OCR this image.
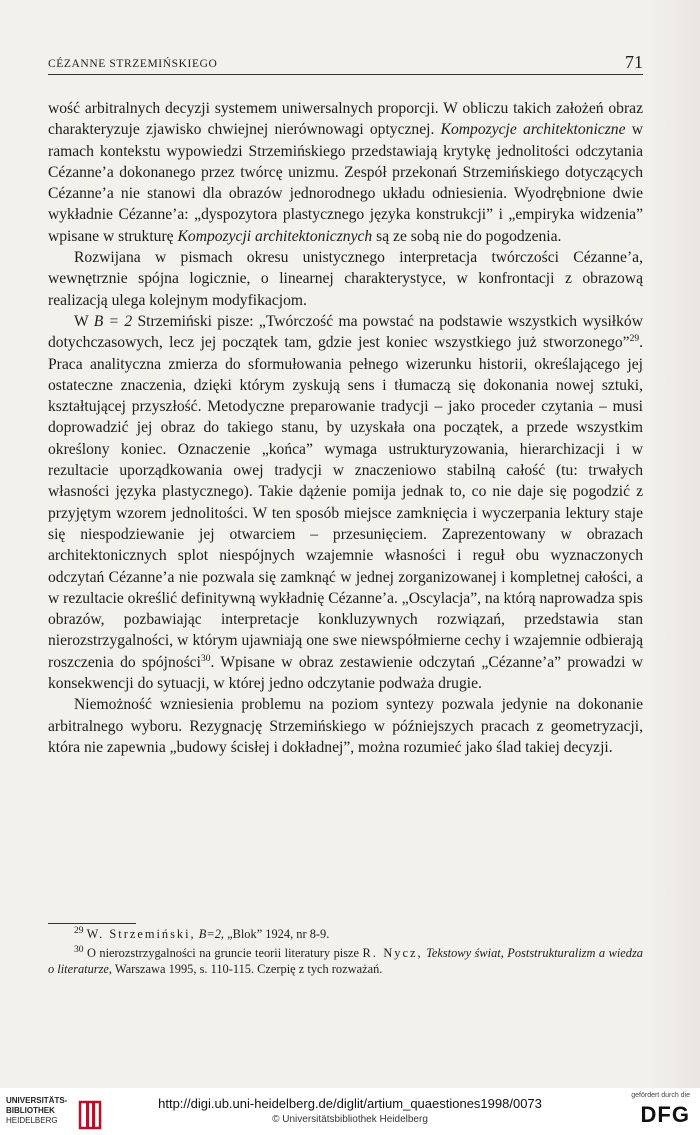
CÉZANNE STRZEMIŃSKIEGO	71

wość arbitralnych decyzji systemem uniwersalnych proporcji. W obliczu takich założeń obraz charakteryzuje zjawisko chwiejnej nierównowagi optycznej. Kompozycje architektoniczne w ramach kontekstu wypowiedzi Strzemińskiego przedstawiają krytykę jednolitości odczytania Cézanne’a dokonanego przez twórcę unizmu. Zespół przekonań Strzemińskiego dotyczących Cézanne’a nie stanowi dla obrazów jednorodnego układu odniesienia. Wyodrębnione dwie wykładnie Cézanne’a: „dyspozytora plastycznego języka konstrukcji” i „empiryka widzenia” wpisane w strukturę Kompozycji architektonicznych są ze sobą nie do pogodzenia.

Rozwijana w pismach okresu unistycznego interpretacja twórczości Cézanne’a, wewnętrznie spójna logicznie, o linearnej charakterystyce, w konfrontacji z obrazową realizacją ulega kolejnym modyfikacjom.

W B = 2 Strzemiński pisze: „Twórczość ma powstać na podstawie wszystkich wysiłków dotychczasowych, lecz jej początek tam, gdzie jest koniec wszystkiego już stworzonego”$^{29}$. Praca analityczna zmierza do sformułowania pełnego wizerunku historii, określającego jej ostateczne znaczenia, dzięki którym zyskują sens i tłumaczą się dokonania nowej sztuki, kształtującej przyszłość. Metodyczne preparowanie tradycji – jako proceder czytania – musi doprowadzić jej obraz do takiego stanu, by uzyskała ona początek, a przede wszystkim określony koniec. Oznaczenie „końca” wymaga ustrukturyzowania, hierarchizacji i w rezultacie uporządkowania owej tradycji w znaczeniowo stabilną całość (tu: trwałych własności języka plastycznego). Takie dążenie pomija jednak to, co nie daje się pogodzić z przyjętym wzorem jednolitości. W ten sposób miejsce zamknięcia i wyczerpania lektury staje się niespodziewanie jej otwarciem – przesunięciem. Zaprezentowany w obrazach architektonicznych splot niespójnych wzajemnie własności i reguł obu wyznaczonych odczytań Cézanne’a nie pozwala się zamknąć w jednej zorganizowanej i kompletnej całości, a w rezultacie określić definitywną wykładnię Cézanne’a. „Oscylacja”, na którą naprowadza spis obrazów, pozbawiając interpretacje konkluzywnych rozwiązań, przedstawia stan nierozstrzygalności, w którym ujawniają one swe niewspółmierne cechy i wzajemnie odbierają roszczenia do spójności$^{30}$. Wpisane w obraz zestawienie odczytań „Cézanne’a” prowadzi w konsekwencji do sytuacji, w której jedno odczytanie podważa drugie.

Niemożność wzniesienia problemu na poziom syntezy pozwala jedynie na dokonanie arbitralnego wyboru. Rezygnację Strzemińskiego w późniejszych pracach z geometryzacji, która nie zapewnia „budowy ścisłej i dokładnej”, można rozumieć jako ślad takiej decyzji.

$^{29}$ W. Strzemiński, B=2, „Blok” 1924, nr 8-9.

$^{30}$ O nierozstrzygalności na gruncie teorii literatury pisze R. Nycz, Tekstowy świat, Poststrukturalizm a wiedza o literaturze, Warszawa 1995, s. 110-115. Czerpię z tych rozważań.

UNIVERSITÄTS-
BIBLIOTHEK
HEIDELBERG
http://digi.ub.uni-heidelberg.de/diglit/artium_quaestiones1998/0073
© Universitätsbibliothek Heidelberg
gefördert durch die
DFG
